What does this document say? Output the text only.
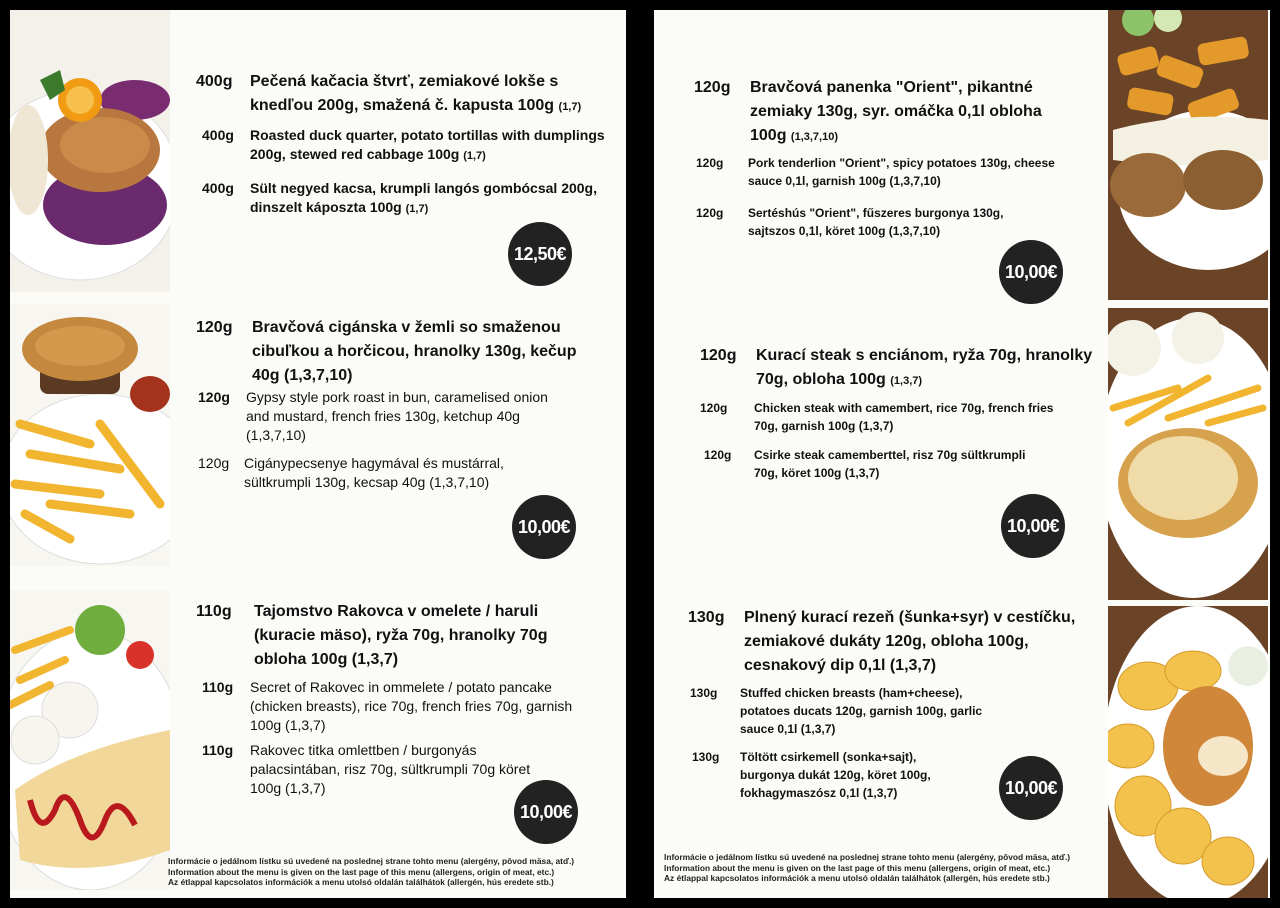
400g	Pečená kačacia štvrť, zemiakové lokše s knedľou 200g, smažená č. kapusta 100g (1,7)
400g	Roasted duck quarter, potato tortillas with dumplings 200g, stewed red cabbage 100g (1,7)
400g	Sült negyed kacsa, krumpli langós gombócsal 200g, dinszelt káposzta 100g (1,7)
12,50€
120g	Bravčová cigánska v žemli so smaženou cibuľkou a horčicou, hranolky 130g, kečup 40g (1,3,7,10)
120g	Gypsy style pork roast in bun, caramelised onion and mustard, french fries 130g, ketchup 40g (1,3,7,10)
120g	Cigánypecsenye hagymával és mustárral, sültkrumpli 130g, kecsap 40g (1,3,7,10)
10,00€
110g	Tajomstvo Rakovca v omelete / haruli (kuracie mäso), ryža 70g, hranolky 70g obloha 100g (1,3,7)
110g	Secret of Rakovec in ommelete / potato pancake (chicken breasts), rice 70g, french fries 70g, garnish 100g (1,3,7)
110g	Rakovec titka omlettben / burgonyás palacsintában, risz 70g, sültkrumpli 70g köret 100g (1,3,7)
10,00€
Informácie o jedálnom lístku sú uvedené na poslednej strane tohto menu (alergény, pôvod mäsa, atď.)
Information about the menu is given on the last page of this menu (allergens, origin of meat, etc.)
Az étlappal kapcsolatos információk a menu utolsó oldalán találhátok (allergén, hús eredete stb.)
120g	Bravčová panenka "Orient", pikantné zemiaky 130g, syr. omáčka 0,1l obloha 100g (1,3,7,10)
120g	Pork tenderlion "Orient", spicy potatoes 130g, cheese sauce 0,1l, garnish 100g (1,3,7,10)
120g	Sertéshús "Orient", fűszeres burgonya 130g, sajtszos 0,1l, köret 100g (1,3,7,10)
10,00€
120g	Kurací steak s enciánom, ryža 70g, hranolky 70g, obloha 100g (1,3,7)
120g	Chicken steak with camembert, rice 70g, french fries 70g, garnish 100g (1,3,7)
120g	Csirke steak camemberttel, risz 70g sültkrumpli 70g, köret 100g (1,3,7)
10,00€
130g	Plnený kurací rezeň (šunka+syr) v cestíčku, zemiakové dukáty 120g, obloha 100g, cesnakový dip 0,1l (1,3,7)
130g	Stuffed chicken breasts (ham+cheese), potatoes ducats 120g, garnish 100g, garlic sauce 0,1l (1,3,7)
130g	Töltött csirkemell (sonka+sajt), burgonya dukát 120g, köret 100g, fokhagymaszósz 0,1l (1,3,7)	10,00€
Informácie o jedálnom lístku sú uvedené na poslednej strane tohto menu (alergény, pôvod mäsa, atď.)
Information about the menu is given on the last page of this menu (allergens, origin of meat, etc.)
Az étlappal kapcsolatos információk a menu utolsó oldalán találhátok (allergén, hús eredete stb.)
